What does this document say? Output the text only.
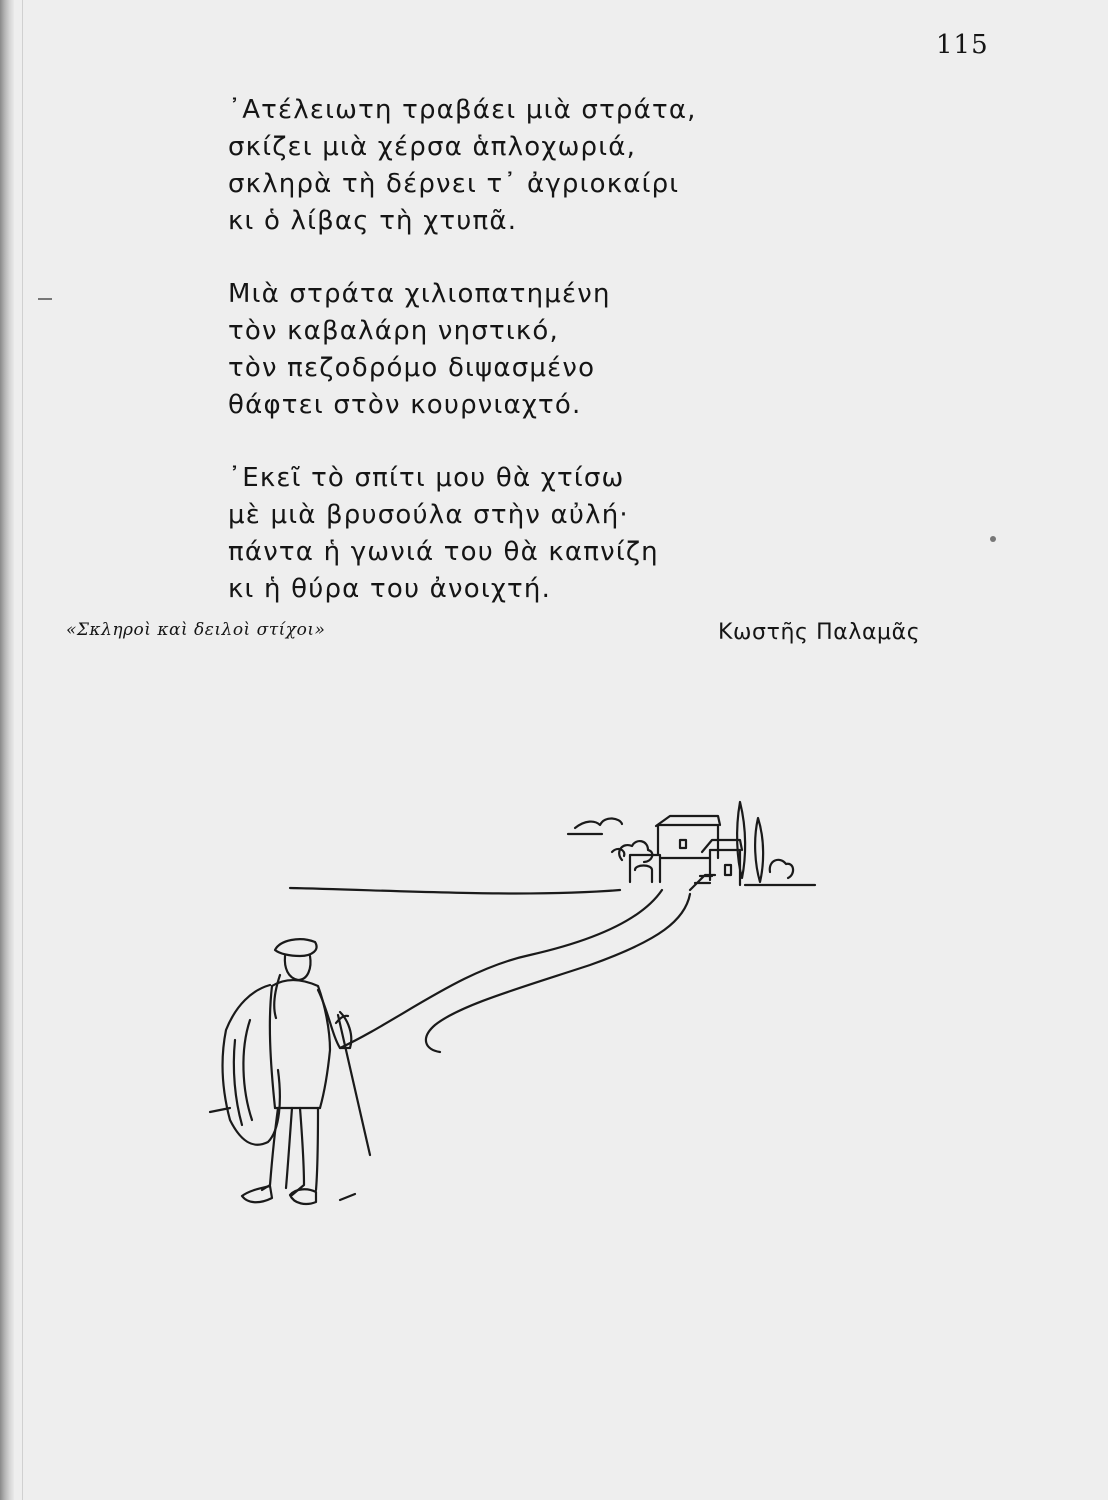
115

᾿Ατέλειωτη τραβάει μιὰ στράτα,

σκίζει μιὰ χέρσα ἁπλοχωριά,

σκληρὰ τὴ δέρνει τ᾿ ἀγριοκαίρι

κι ὁ λίβας τὴ χτυπᾶ.

Μιὰ στράτα χιλιοπατημένη

τὸν καβαλάρη νηστικό,

τὸν πεζοδρόμο διψασμένο

θάφτει στὸν κουρνιαχτό.

᾿Εκεῖ τὸ σπίτι μου θὰ χτίσω

μὲ μιὰ βρυσούλα στὴν αὐλή·

πάντα ἡ γωνιά του θὰ καπνίζη

κι ἡ θύρα του ἀνοιχτή.

«Σκληροὶ καὶ δειλοὶ στίχοι»	Κωστῆς Παλαμᾶς
